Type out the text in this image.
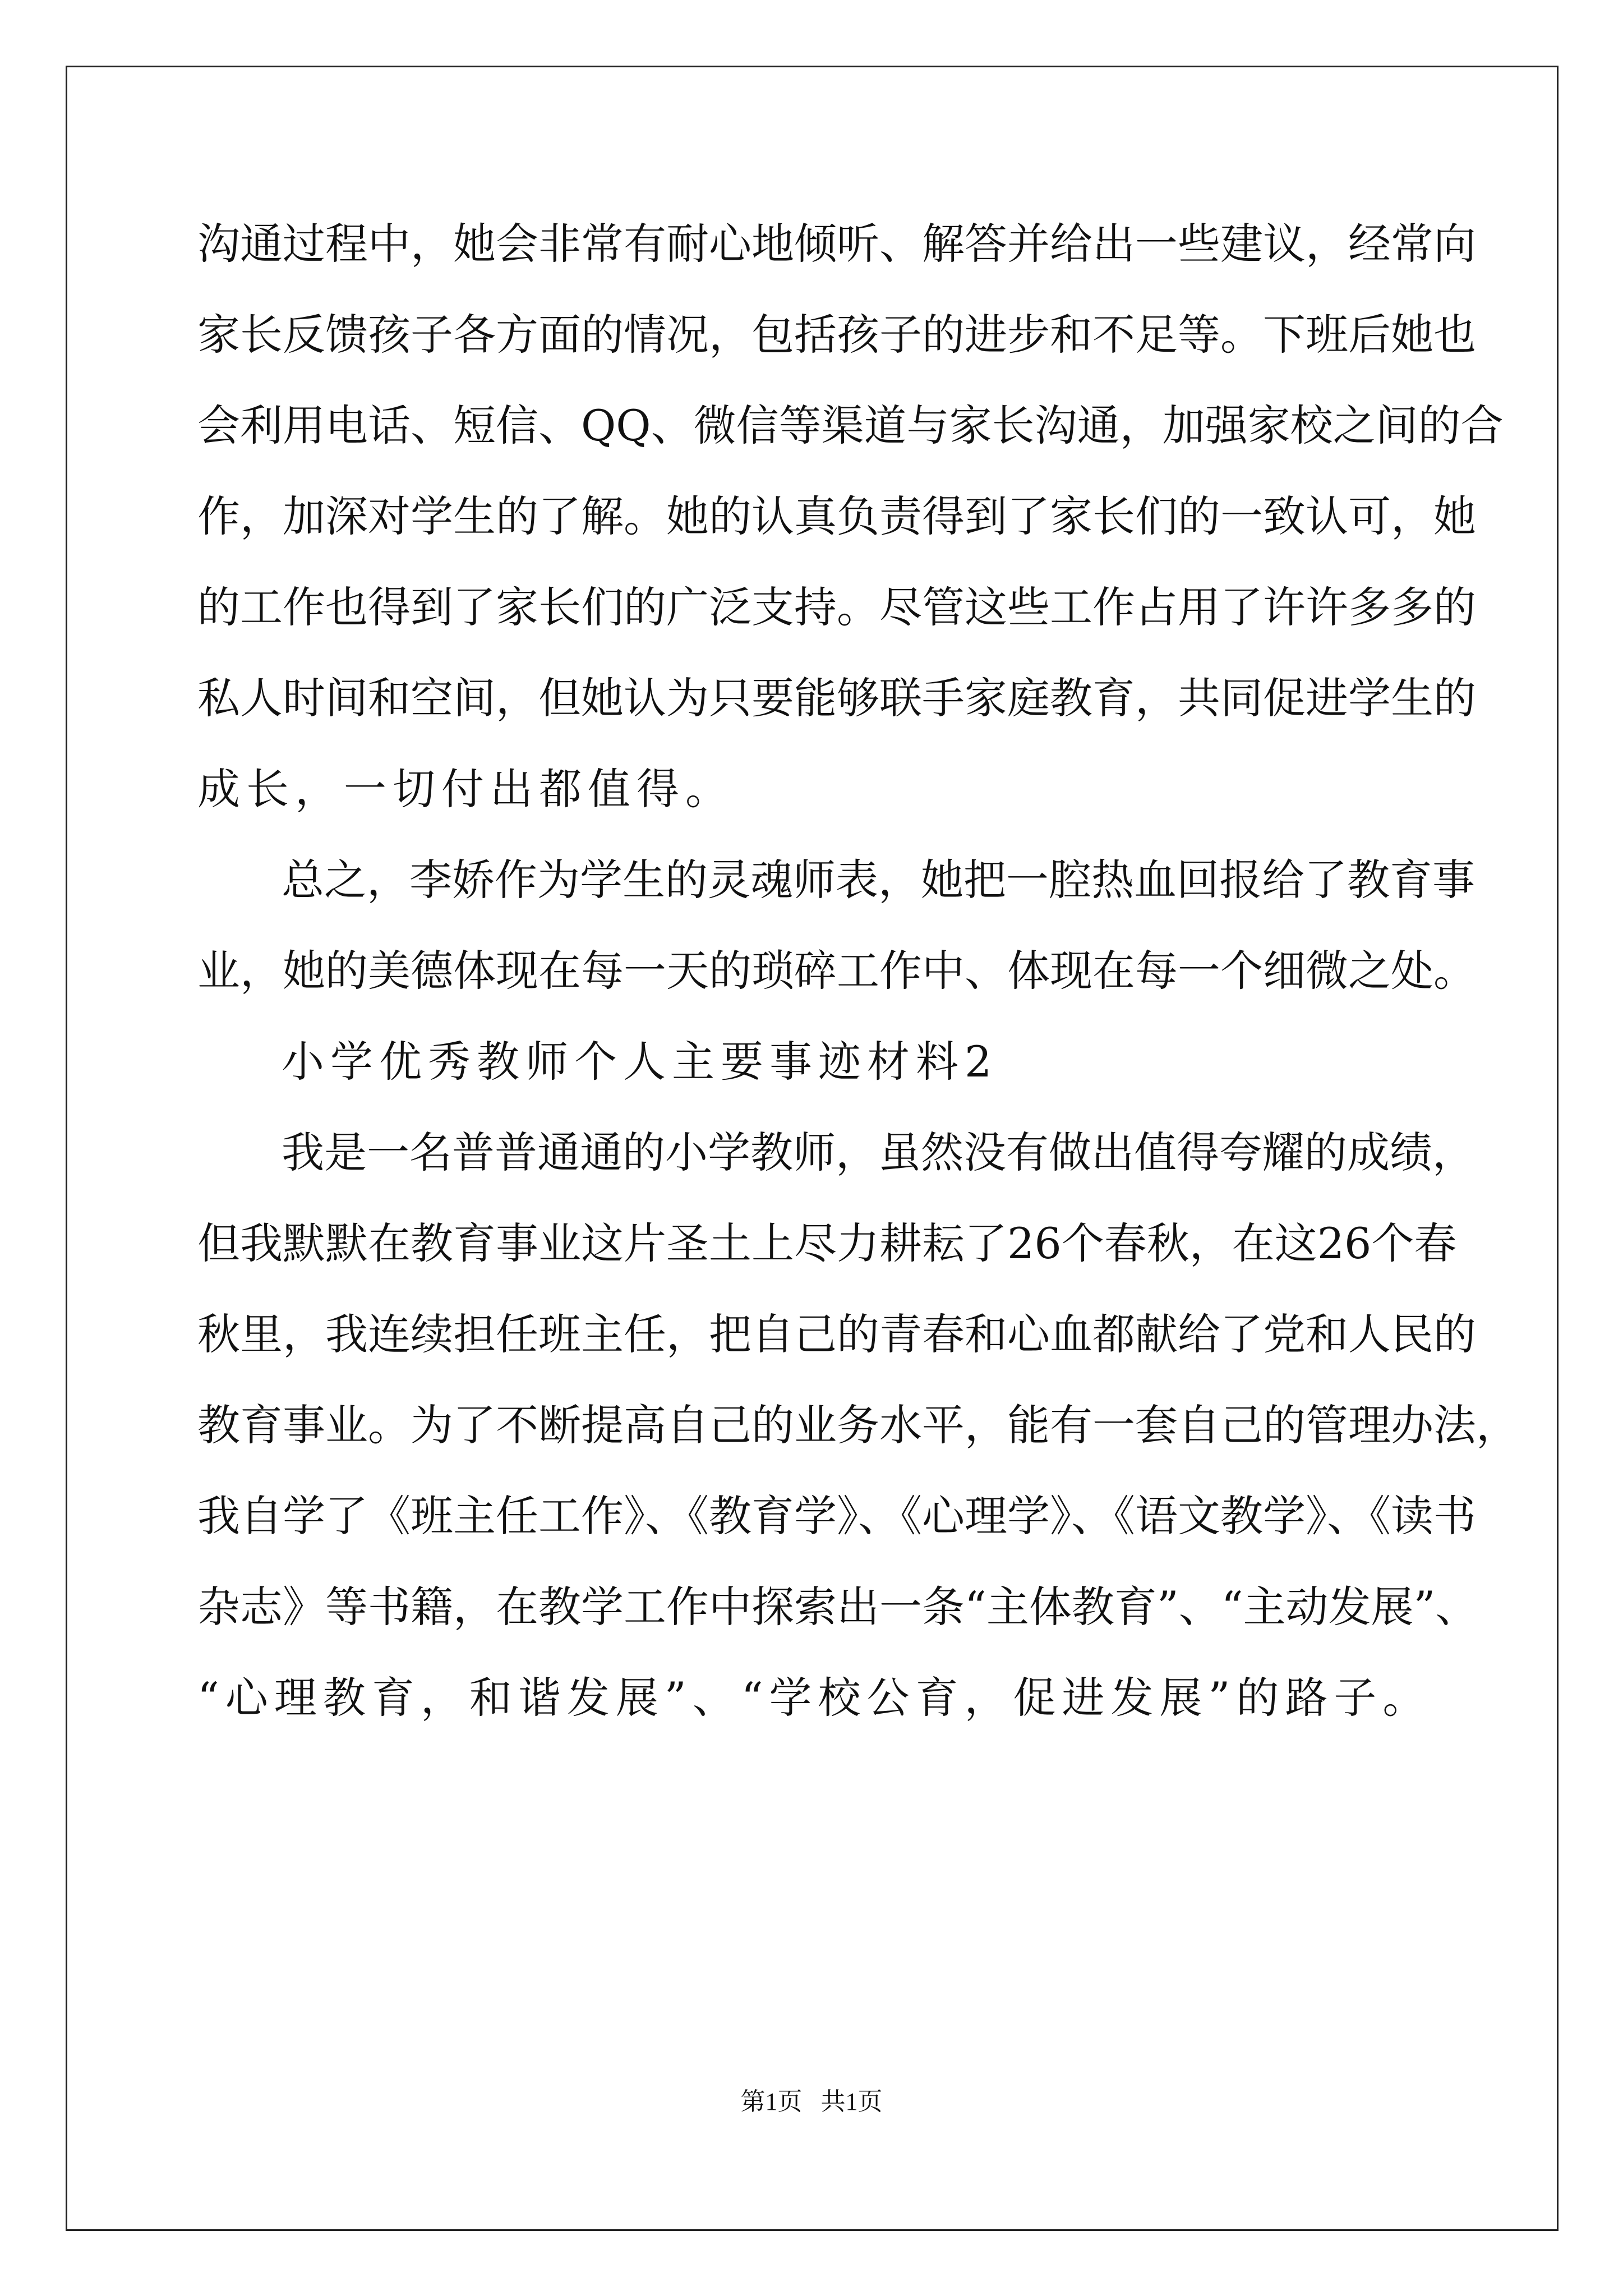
沟通过程中，她会非常有耐心地倾听、解答并给出一些建议，经常向
家长反馈孩子各方面的情况，包括孩子的进步和不足等。下班后她也
会利用电话、短信、QQ、微信等渠道与家长沟通，加强家校之间的合
作，加深对学生的了解。她的认真负责得到了家长们的一致认可，她
的工作也得到了家长们的广泛支持。尽管这些工作占用了许许多多的
私人时间和空间，但她认为只要能够联手家庭教育，共同促进学生的
成长，一切付出都值得。
总之，李娇作为学生的灵魂师表，她把一腔热血回报给了教育事
业，她的美德体现在每一天的琐碎工作中、体现在每一个细微之处。
小学优秀教师个人主要事迹材料2
我是一名普普通通的小学教师，虽然没有做出值得夸耀的成绩，
但我默默在教育事业这片圣土上尽力耕耘了26个春秋，在这26个春
秋里，我连续担任班主任，把自己的青春和心血都献给了党和人民的
教育事业。为了不断提高自己的业务水平，能有一套自己的管理办法，
我自学了《班主任工作》、《教育学》、《心理学》、《语文教学》、《读书
杂志》等书籍，在教学工作中探索出一条“主体教育”、“主动发展”、
“心理教育，和谐发展”、“学校公育，促进发展”的路子。
第1页 共1页
